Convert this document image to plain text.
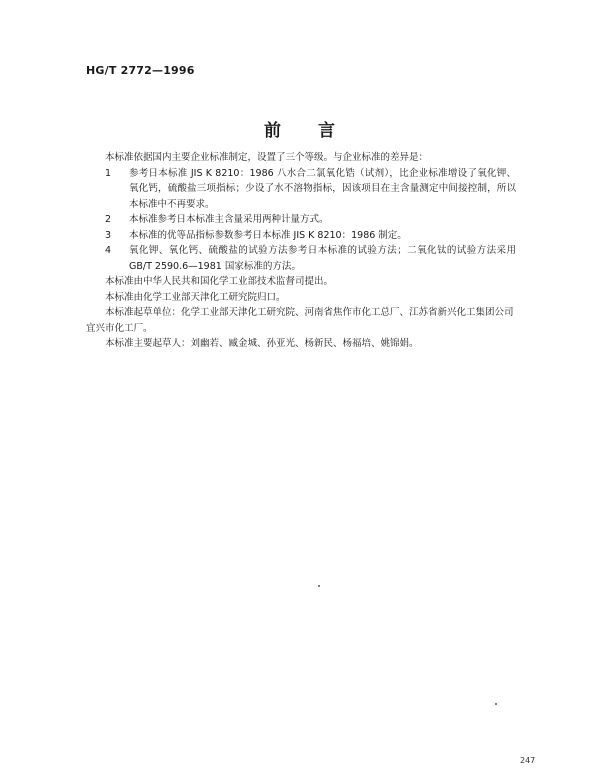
HG/T 2772—1996
前　　言

本标准依据国内主要企业标准制定，设置了三个等级。与企业标准的差异是：

1	参考日本标准 JIS K 8210：1986 八水合二氯氧化锆（试剂），比企业标准增设了氧化钾、氧化钙，硫酸盐三项指标；少设了水不溶物指标，因该项目在主含量测定中间接控制，所以本标准中不再要求。
2	本标准参考日本标准主含量采用两种计量方式。
3	本标准的优等品指标参数参考日本标准 JIS K 8210：1986 制定。
4	氧化钾、氧化钙、硫酸盐的试验方法参考日本标准的试验方法；二氧化钛的试验方法采用 GB/T 2590.6—1981 国家标准的方法。

本标准由中华人民共和国化学工业部技术监督司提出。

本标准由化学工业部天津化工研究院归口。

本标准起草单位：化学工业部天津化工研究院、河南省焦作市化工总厂、江苏省新兴化工集团公司

宜兴市化工厂。

本标准主要起草人：刘幽若、臧金城、孙亚光、杨新民、杨福培、姚锦娟。

247
